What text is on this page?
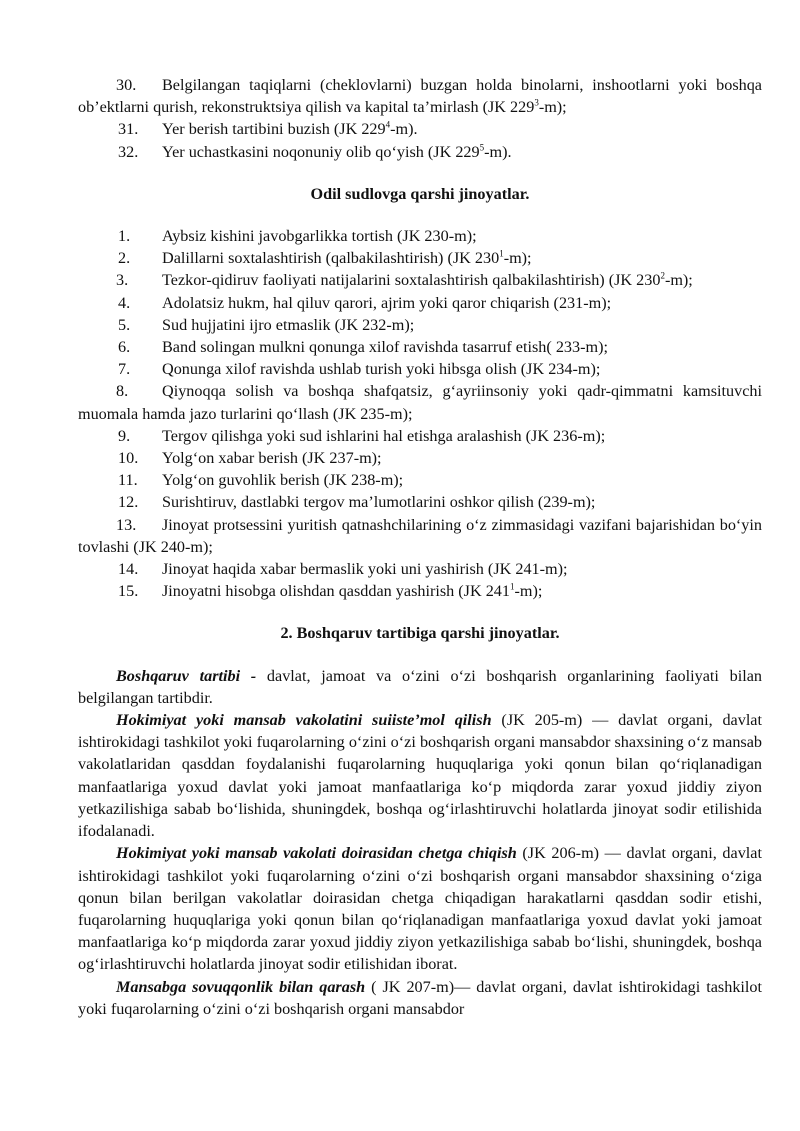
30. Belgilangan taqiqlarni (cheklovlarni) buzgan holda binolarni, inshootlarni yoki boshqa ob’ektlarni qurish, rekonstruktsiya qilish va kapital ta’mirlash (JK $229^3-m$);
31.	Yer berish tartibini buzish (JK $229^4-m$).
32.	Yer uchastkasini noqonuniy olib qo‘yish (JK $229^5-m$).

Odil sudlovga qarshi jinoyatlar.

1.	Aybsiz kishini javobgarlikka tortish (JK 230-m);
2.	Dalillarni soxtalashtirish (qalbakilashtirish) (JK $230^1-m$);
3. Tezkor-qidiruv faoliyati natijalarini soxtalashtirish qalbakilashtirish) (JK $230^2-m$);
4.	Adolatsiz hukm, hal qiluv qarori, ajrim yoki qaror chiqarish (231-m);
5.	Sud hujjatini ijro etmaslik (JK 232-m);
6.	Band solingan mulkni qonunga xilof ravishda tasarruf etish( 233-m);
7.	Qonunga xilof ravishda ushlab turish yoki hibsga olish (JK 234-m);
8. Qiynoqqa solish va boshqa shafqatsiz, g‘ayriinsoniy yoki qadr-qimmatni kamsituvchi muomala hamda jazo turlarini qo‘llash (JK 235-m);
9.	Tergov qilishga yoki sud ishlarini hal etishga aralashish (JK 236-m);
10.	Yolg‘on xabar berish (JK 237-m);
11.	Yolg‘on guvohlik berish (JK 238-m);
12.	Surishtiruv, dastlabki tergov ma’lumotlarini oshkor qilish (239-m);
13. Jinoyat protsessini yuritish qatnashchilarining o‘z zimmasidagi vazifani bajarishidan bo‘yin tovlashi (JK 240-m);
14.	Jinoyat haqida xabar bermaslik yoki uni yashirish (JK 241-m);
15.	Jinoyatni hisobga olishdan qasddan yashirish (JK $241^1-m$);

2. Boshqaruv tartibiga qarshi jinoyatlar.

Boshqaruv tartibi - davlat, jamoat va o‘zini o‘zi boshqarish organlarining faoliyati bilan belgilangan tartibdir.

Hokimiyat yoki mansab vakolatini suiiste’mol qilish (JK 205-m) — davlat organi, davlat ishtirokidagi tashkilot yoki fuqarolarning o‘zini o‘zi boshqarish organi mansabdor shaxsining o‘z mansab vakolatlaridan qasddan foydalanishi fuqarolarning huquqlariga yoki qonun bilan qo‘riqlanadigan manfaatlariga yoxud davlat yoki jamoat manfaatlariga ko‘p miqdorda zarar yoxud jiddiy ziyon yetkazilishiga sabab bo‘lishida, shuningdek, boshqa og‘irlashtiruvchi holatlarda jinoyat sodir etilishida ifodalanadi.

Hokimiyat yoki mansab vakolati doirasidan chetga chiqish (JK 206-m) — davlat organi, davlat ishtirokidagi tashkilot yoki fuqarolarning o‘zini o‘zi boshqarish organi mansabdor shaxsining o‘ziga qonun bilan berilgan vakolatlar doirasidan chetga chiqadigan harakatlarni qasddan sodir etishi, fuqarolarning huquqlariga yoki qonun bilan qo‘riqlanadigan manfaatlariga yoxud davlat yoki jamoat manfaatlariga ko‘p miqdorda zarar yoxud jiddiy ziyon yetkazilishiga sabab bo‘lishi, shuningdek, boshqa og‘irlashtiruvchi holatlarda jinoyat sodir etilishidan iborat.

Mansabga sovuqqonlik bilan qarash ( JK 207-m)— davlat organi, davlat ishtirokidagi tashkilot yoki fuqarolarning o‘zini o‘zi boshqarish organi mansabdor
